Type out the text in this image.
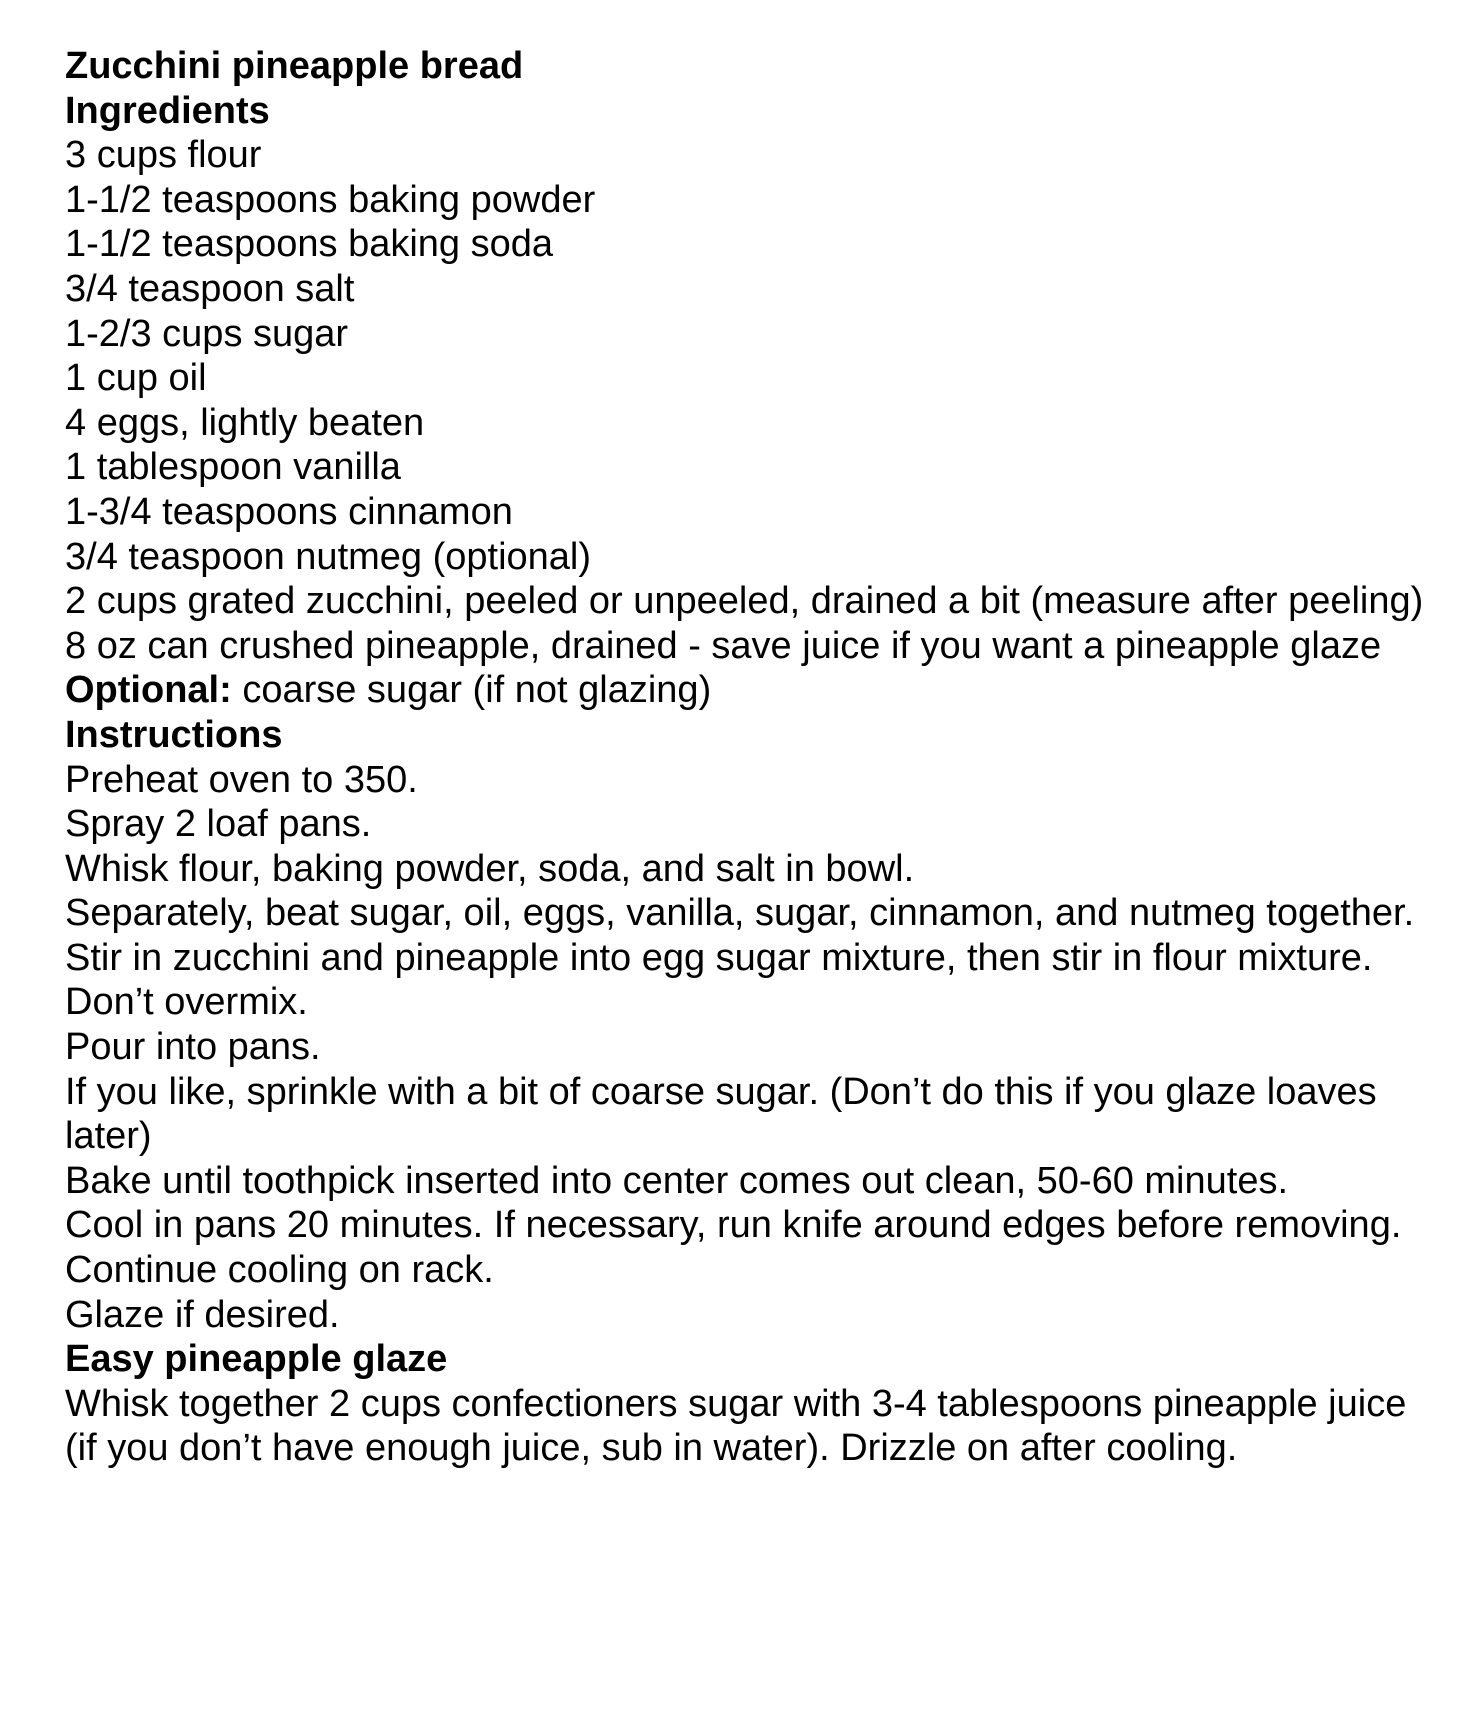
Zucchini pineapple bread

Ingredients

3 cups flour

1-1/2 teaspoons baking powder

1-1/2 teaspoons baking soda

3/4 teaspoon salt

1-2/3 cups sugar

1 cup oil

4 eggs, lightly beaten

1 tablespoon vanilla

1-3/4 teaspoons cinnamon

3/4 teaspoon nutmeg (optional)

2 cups grated zucchini, peeled or unpeeled, drained a bit (measure after peeling)

8 oz can crushed pineapple, drained - save juice if you want a pineapple glaze

Optional: coarse sugar (if not glazing)

Instructions

Preheat oven to 350.

Spray 2 loaf pans.

Whisk flour, baking powder, soda, and salt in bowl.

Separately, beat sugar, oil, eggs, vanilla, sugar, cinnamon, and nutmeg together.

Stir in zucchini and pineapple into egg sugar mixture, then stir in flour mixture. Don’t overmix.

Pour into pans.

If you like, sprinkle with a bit of coarse sugar. (Don’t do this if you glaze loaves later)

Bake until toothpick inserted into center comes out clean, 50-60 minutes.

Cool in pans 20 minutes. If necessary, run knife around edges before removing. Continue cooling on rack.

Glaze if desired.

Easy pineapple glaze

Whisk together 2 cups confectioners sugar with 3-4 tablespoons pineapple juice (if you don’t have enough juice, sub in water). Drizzle on after cooling.
